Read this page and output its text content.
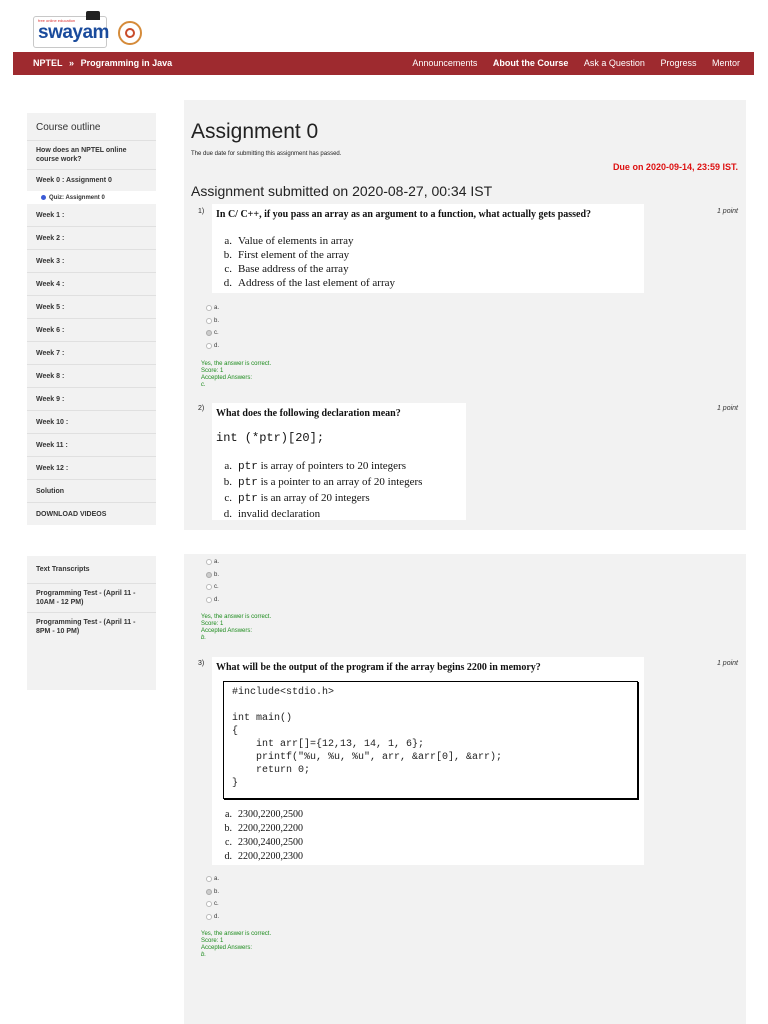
free online education
swayam
NPTEL » Programming in Java	Announcements About the Course Ask a Question Progress Mentor
Course outline
How does an NPTEL online course work?
Week 0 : Assignment 0
Quiz: Assignment 0
Week 1 :
Week 2 :
Week 3 :
Week 4 :
Week 5 :
Week 6 :
Week 7 :
Week 8 :
Week 9 :
Week 10 :
Week 11 :
Week 12 :
Solution
DOWNLOAD VIDEOS
Text Transcripts
Programming Test - (April 11 - 10AM - 12 PM)
Programming Test - (April 11 - 8PM - 10 PM)
Assignment 0
The due date for submitting this assignment has passed.
Due on 2020-09-14, 23:59 IST.
Assignment submitted on 2020-08-27, 00:34 IST
1)	1 point
In C/ C++, if you pass an array as an argument to a function, what actually gets passed?
a. Value of elements in array
b. First element of the array
c. Base address of the array
d. Address of the last element of array
a.
b.
c.
d.
Yes, the answer is correct.
Score: 1
Accepted Answers:
c.
2)	1 point
What does the following declaration mean?
int (*ptr)[20];
a. ptr is array of pointers to 20 integers
b. ptr is a pointer to an array of 20 integers
c. ptr is an array of 20 integers
d. invalid declaration
a.
b.
c.
d.
Yes, the answer is correct.
Score: 1
Accepted Answers:
b.
3)	1 point
What will be the output of the program if the array begins 2200 in memory?
a. 2300,2200,2500
b. 2200,2200,2200
c. 2300,2400,2500
d. 2200,2200,2300
#include<stdio.h>
int main()
{
int arr[]={12,13, 14, 1, 6};
printf("%u, %u, %u", arr, &arr[0], &arr);
return 0;
}
a.
b.
c.
d.
Yes, the answer is correct.
Score: 1
Accepted Answers:
b.
